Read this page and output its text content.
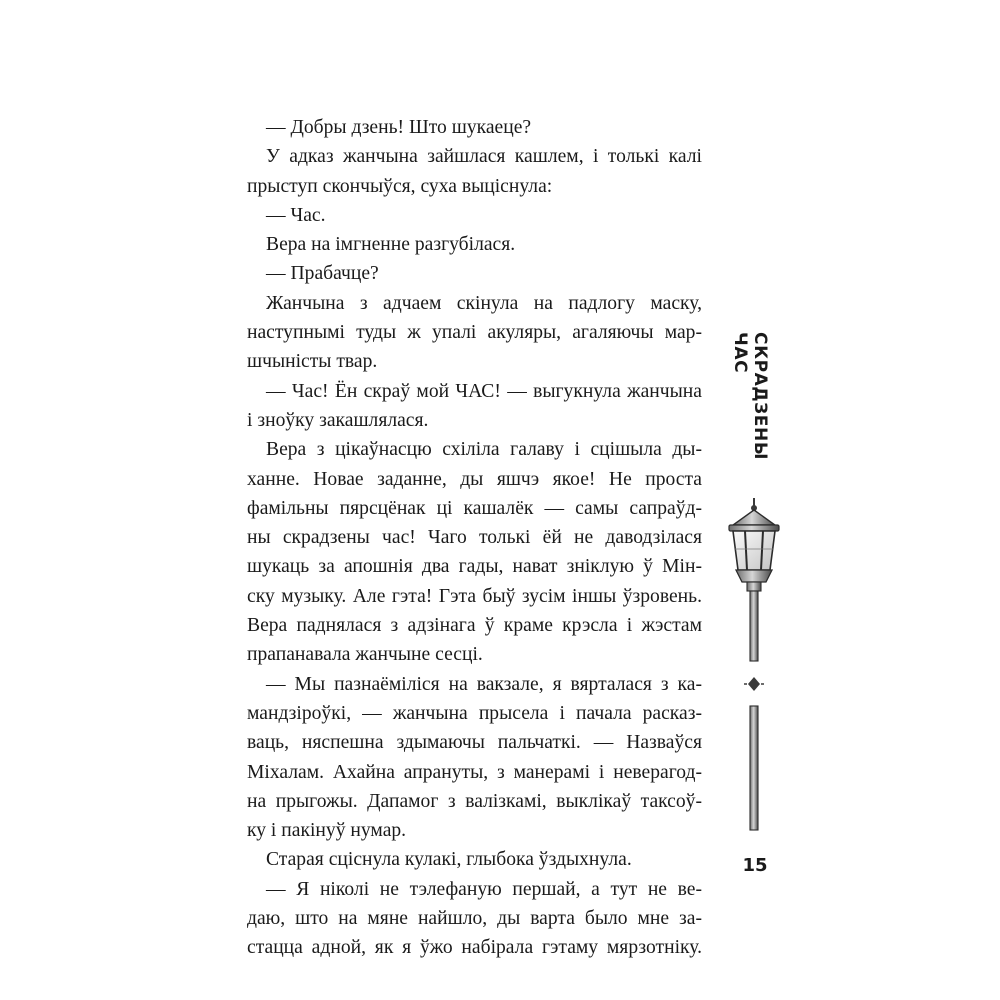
— Добры дзень! Што шукаеце?
У адказ жанчына зайшлася кашлем, і толькі калі
прыступ скончыўся, суха выціснула:
— Час.
Вера на імгненне разгубілася.
— Прабачце?
Жанчына з адчаем скінула на падлогу маску,
наступнымі туды ж упалі акуляры, агаляючы мар-
шчыністы твар.
— Час! Ён скраў мой ЧАС! — выгукнула жанчына
і зноўку закашлялася.
Вера з цікаўнасцю схіліла галаву і сцішыла ды-
ханне. Новае заданне, ды яшчэ якое! Не проста
фамільны пярсцёнак ці кашалёк — самы сапраўд-
ны скрадзены час! Чаго толькі ёй не даводзілася
шукаць за апошнія два гады, нават зніклую ў Мін-
ску музыку. Але гэта! Гэта быў зусім іншы ўзровень.
Вера паднялася з адзінага ў краме крэсла і жэстам
прапанавала жанчыне сесці.
— Мы пазнаёміліся на вакзале, я вярталася з ка-
мандзіроўкі, — жанчына прысела і пачала расказ-
ваць, няспешна здымаючы пальчаткі. — Назваўся
Міхалам. Ахайна апрануты, з манерамі і неверагод-
на прыгожы. Дапамог з валізкамі, выклікаў таксоў-
ку і пакінуў нумар.
Старая сціснула кулакі, глыбока ўздыхнула.
— Я ніколі не тэлефаную першай, а тут не ве-
даю, што на мяне найшло, ды варта было мне за-
стацца адной, як я ўжо набірала гэтаму мярзотніку.
СКРАДЗЕНЫ ЧАС
15
